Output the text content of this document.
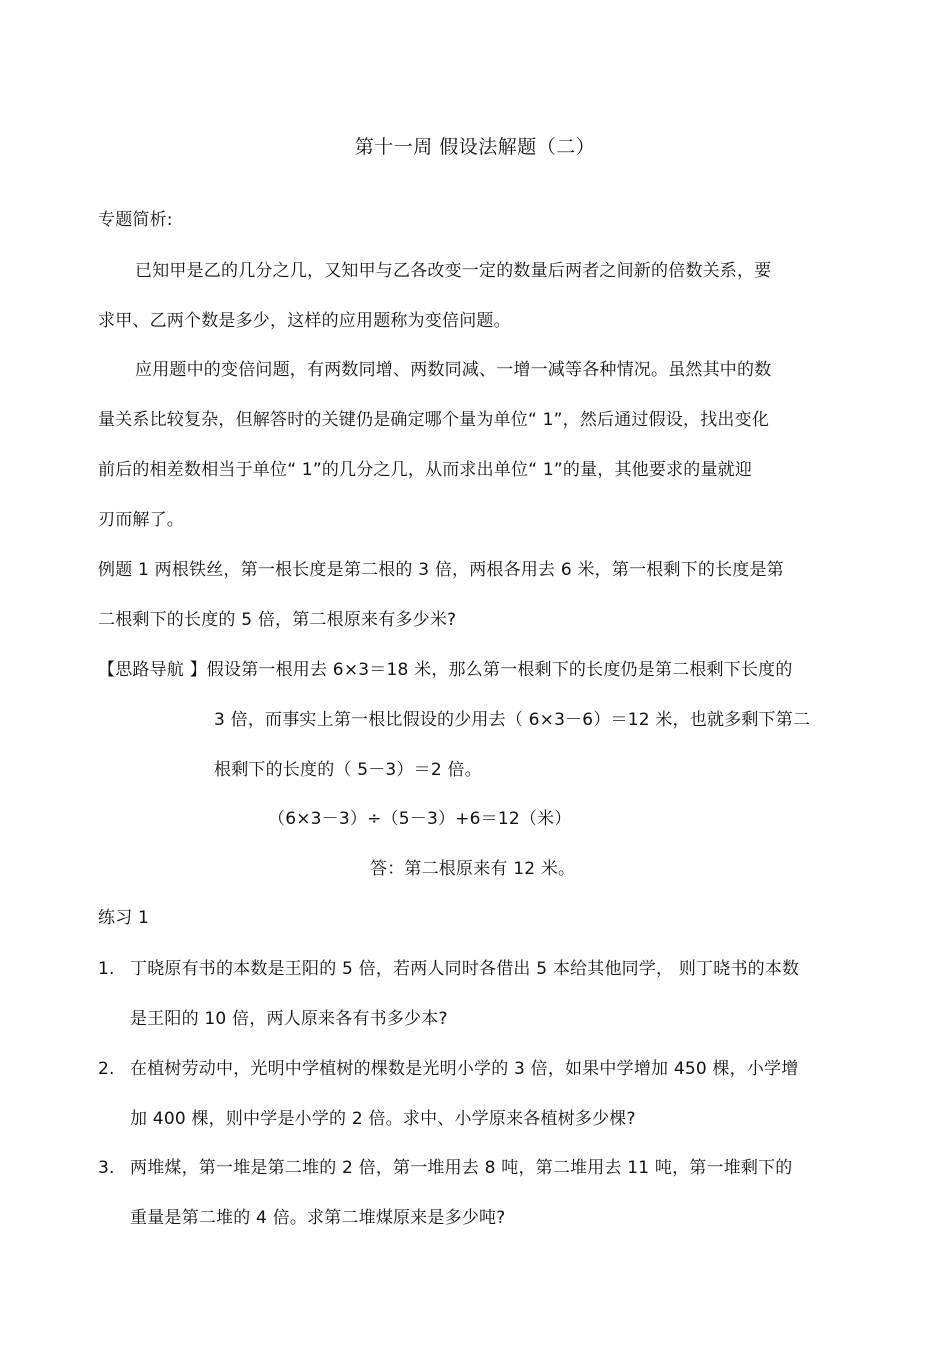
第十一周 假设法解题（二）
专题简析:
已知甲是乙的几分之几，又知甲与乙各改变一定的数量后两者之间新的倍数关系，要
求甲、乙两个数是多少，这样的应用题称为变倍问题。
应用题中的变倍问题，有两数同增、两数同减、一增一减等各种情况。虽然其中的数
量关系比较复杂，但解答时的关键仍是确定哪个量为单位“ 1”，然后通过假设，找出变化
前后的相差数相当于单位“ 1”的几分之几，从而求出单位“ 1”的量，其他要求的量就迎
刃而解了。
例题 1 两根铁丝，第一根长度是第二根的 3 倍，两根各用去 6 米，第一根剩下的长度是第
二根剩下的长度的 5 倍，第二根原来有多少米?
【思路导航 】假设第一根用去 6×3＝18 米，那么第一根剩下的长度仍是第二根剩下长度的
3 倍，而事实上第一根比假设的少用去（ 6×3－6）＝12 米，也就多剩下第二
根剩下的长度的（ 5－3）＝2 倍。
（6×3－3）÷（5－3）+6＝12（米）
答：第二根原来有 12 米。
练习 1
1. 丁晓原有书的本数是王阳的 5 倍，若两人同时各借出 5 本给其他同学， 则丁晓书的本数
是王阳的 10 倍，两人原来各有书多少本?
2. 在植树劳动中，光明中学植树的棵数是光明小学的 3 倍，如果中学增加 450 棵，小学增
加 400 棵，则中学是小学的 2 倍。求中、小学原来各植树多少棵?
3. 两堆煤，第一堆是第二堆的 2 倍，第一堆用去 8 吨，第二堆用去 11 吨，第一堆剩下的
重量是第二堆的 4 倍。求第二堆煤原来是多少吨?
